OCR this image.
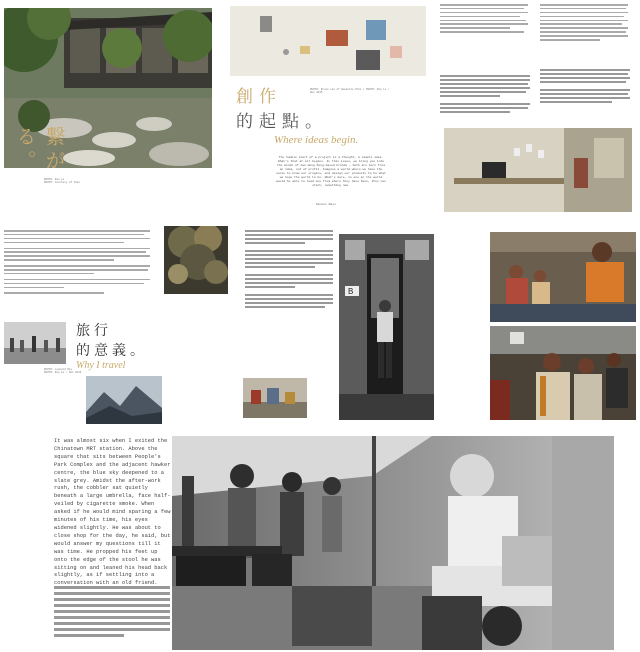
繋がる。
PHOTO: Ryo Lo
PHOTO: Courtesy of Toko
創作
的起點。
PHOTO: Bruce Lee of Ammonite Orbs | PHOTO: Ryo Lo / Dec 2015
Where ideas begin.
The humble start of a project is a thought, a simple idea. What's that at all begins. In this issue, we bring you into the minds of two Hong Kong-based brands — both are born from an idea, not of profit. Imagine a world where we have the sense to know our origins, and design our products to be what we hope the world to be. What's more, no one in the world would be able to lead one from where they have been, they can start, something new.
Daniel Rays
旅行
的意義。
Why I travel
PHOTO: Leonard Rey
PHOTO: Ryo Lo / Dec 2015
B
It was almost six when I exited the Chinatown MRT station. Above the square that sits between People's Park Complex and the adjacent hawker centre, the blue sky deepened to a slate grey. Amidst the after-work rush, the cobbler sat quietly beneath a large umbrella, face half-veiled by cigarette smoke. When asked if he would mind sparing a few minutes of his time, his eyes widened slightly. He was about to close shop for the day, he said, but would answer my questions till it was time. He propped his feet up onto the edge of the stool he was sitting on and leaned his head back slightly, as if settling into a conversation with an old friend.
